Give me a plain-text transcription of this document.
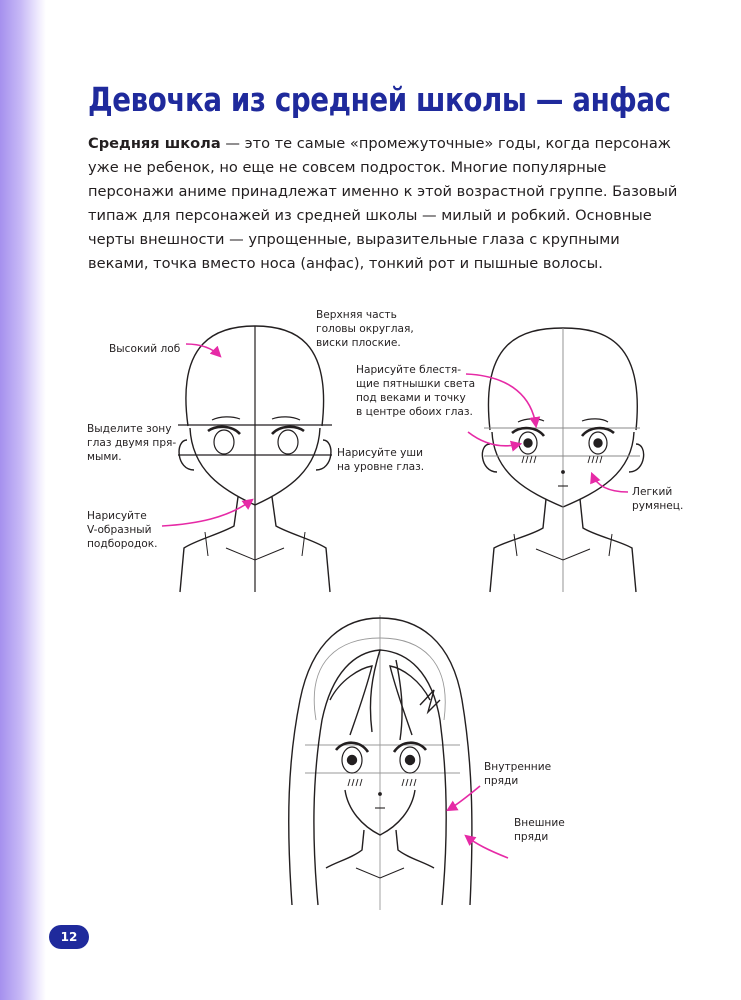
Девочка из средней школы — анфас

Средняя школа — это те самые «промежуточные» годы, когда персонаж уже не ребенок, но еще не совсем подросток. Многие популярные персонажи аниме принадлежат именно к этой возрастной группе. Базовый типаж для персонажей из средней школы — милый и робкий. Основные черты внешности — упрощенные, выразительные глаза с крупными веками, точка вместо носа (анфас), тонкий рот и пышные волосы.

Высокий лоб
Верхняя часть
головы округлая,
виски плоские.
Выделите зону
глаз двумя пря-
мыми.	Нарисуйте уши
на уровне глаз.
Нарисуйте
V-образный
подбородок.
Нарисуйте блестя-
щие пятнышки света
под веками и точку
в центре обоих глаз.
Легкий
румянец.
Внутренние
пряди
Внешние
пряди
12
